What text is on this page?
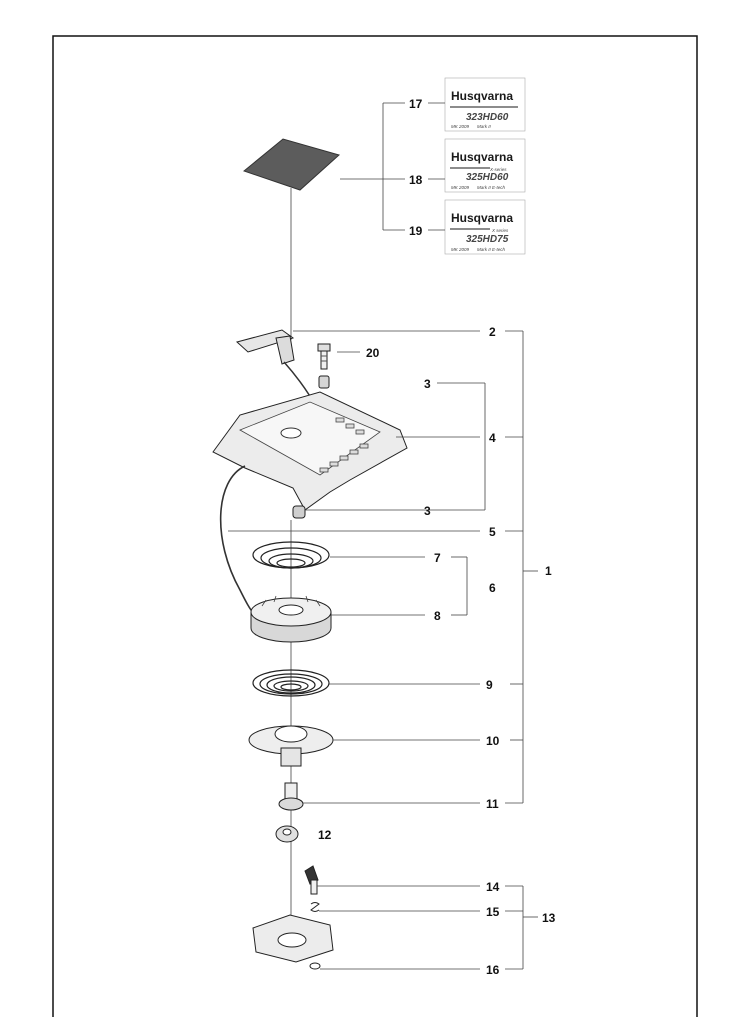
Husqvarna
323HD60
MK 2009 Mark II
Husqvarna
X-series
325HD60
MK 2009 Mark II E-tech
Husqvarna
X series
325HD75
MK 2009 Mark II E-tech
17
18
19
2
20
3
4
3
5
7
6
1
8
9
10
11
12
14
15	13
16
